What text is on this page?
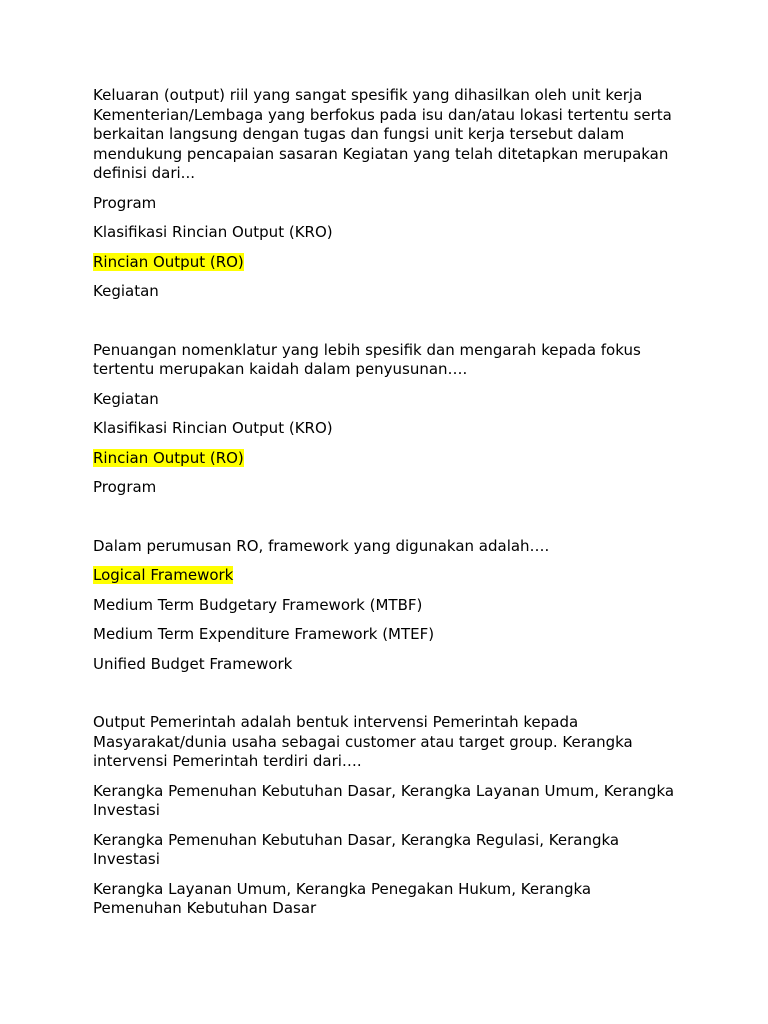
Keluaran (output) riil yang sangat spesifik yang dihasilkan oleh unit kerja Kementerian/Lembaga yang berfokus pada isu dan/atau lokasi tertentu serta berkaitan langsung dengan tugas dan fungsi unit kerja tersebut dalam mendukung pencapaian sasaran Kegiatan yang telah ditetapkan merupakan definisi dari...

Program

Klasifikasi Rincian Output (KRO)

Rincian Output (RO)

Kegiatan

Penuangan nomenklatur yang lebih spesifik dan mengarah kepada fokus tertentu merupakan kaidah dalam penyusunan….

Kegiatan

Klasifikasi Rincian Output (KRO)

Rincian Output (RO)

Program

Dalam perumusan RO, framework yang digunakan adalah….

Logical Framework

Medium Term Budgetary Framework (MTBF)

Medium Term Expenditure Framework (MTEF)

Unified Budget Framework

Output Pemerintah adalah bentuk intervensi Pemerintah kepada Masyarakat/dunia usaha sebagai customer atau target group. Kerangka intervensi Pemerintah terdiri dari….

Kerangka Pemenuhan Kebutuhan Dasar, Kerangka Layanan Umum, Kerangka Investasi

Kerangka Pemenuhan Kebutuhan Dasar, Kerangka Regulasi, Kerangka Investasi

Kerangka Layanan Umum, Kerangka Penegakan Hukum, Kerangka Pemenuhan Kebutuhan Dasar
